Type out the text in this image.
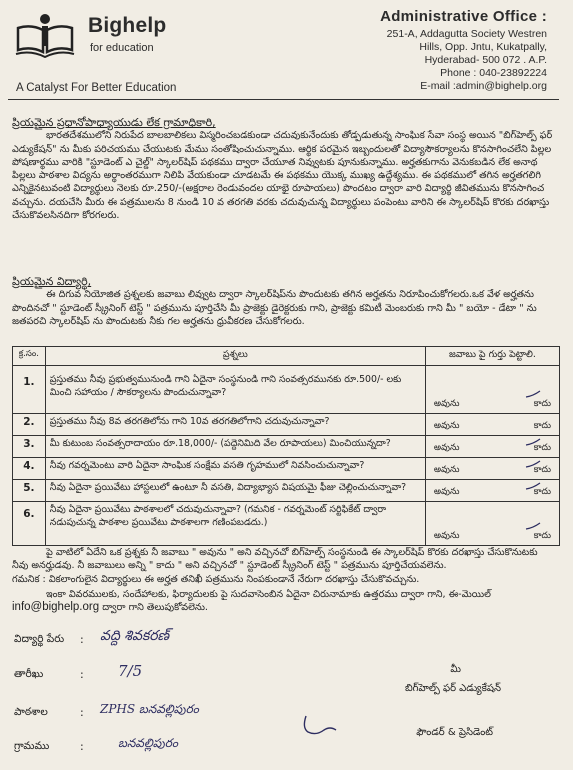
Bighelp
for education
A Catalyst For Better Education
Administrative Office :
251-A, Addagutta Society Westren
Hills, Opp. Jntu, Kukatpally,
Hyderabad- 500 072 . A.P.
Phone : 040-23892224
E-mail :admin@bighelp.org
ప్రియమైన ప్రధానోపాధ్యాయుడు లేక గ్రామాధికారి,
భారతదేశములోని నిరుపేద బాలబాలికలు విస్మరించబడకుండా చదువుకునేందుకు తోడ్పడుతున్న సాంఘిక సేవా సంస్థ అయిన "బిగ్‌హెల్ప్ ఫర్ ఎడ్యుకేషన్" ను మీకు పరిచయము చేయుటకు మేము సంతోషించుచున్నాము. ఆర్థిక పరమైన ఇబ్బందులతో విద్యాసౌకర్యాలను కొనసాగించలేని పిల్లల పోషణార్థము వారికి "స్టూడెంట్ ఎ చైల్డ్" స్కాలర్‌షిప్ పథకము ద్వారా చేయూత నివ్వుటకు పూనుకున్నాము. అర్హతకుగాను వెనుకబడిన లేక అనాథ పిల్లలు పాఠశాల విద్యను అర్థాంతరముగా నిలిపి వేయకుండా చూడటమే ఈ పథకము యొక్క ముఖ్య ఉద్దేశ్యము. ఈ పథకములో తగిన అర్హతగలిగి ఎన్నికైనటువంటి విద్యార్థులు నెలకు రూ.250/-(అక్షరాల రెండువందల యాభై రూపాయలు) పొందటం ద్వారా వారి విద్యార్థి జీవితమును కొనసాగించ వచ్చును. దయచేసి మీరు ఈ పత్రములను 8 నుండి 10 వ తరగతి వరకు చదువుచున్న విద్యార్థులు పంపెంటు వారిని ఈ స్కాలర్‌షిప్ కొరకు దరఖాస్తు చేసుకొవలసినదిగా కోరగలరు.
ప్రియమైన విద్యార్థి,
ఈ దిగువ నియోజిత ప్రశ్నలకు జవాబు లివ్వుట ద్వారా స్కాలర్‌షిప్‌ను పొందుటకు తగిన అర్హతను నిరూపించుకోగలరు.ఒక వేళ అర్హతను పొందినచో " స్టూడెంట్ స్క్రీనింగ్ టెస్ట్ " పత్రమును పూర్తిచేసి మీ ప్రాజెక్టు డైరెక్టరుకు గాని, ప్రాజెక్టు కమిటీ మెంబరుకు గాని మీ " బయో - డేటా " ను జతపరచి స్కాలర్‌షిప్ ను పొందుటకు నీకు గల అర్హతను ధ్రువీకరణ చేసుకోగలరు.
క్ర.సం.	ప్రశ్నలు	జవాబు పై గుర్తు పెట్టాలి.
1.	ప్రస్తుతము నీవు ప్రభుత్వమునుండి గాని ఏదైనా సంస్థనుండి గాని సంవత్సరమునకు రూ.500/- లకు మించి సహాయం / సౌకర్యాలను పొందుచున్నావా?	అవును కాదు

2.	ప్రస్తుతము నీవు 8వ తరగతిలోను గాని 10వ తరగతిలోగాని చదువుచున్నావా?	అవును కాదు

3.	మీ కుటుంబ సంవత్సరాదాయం రూ.18,000/- (పద్దెనిమిది వేల రూపాయలు) మించియున్నదా?	అవును కాదు

4.	నీవు గవర్నమెంటు వారి ఏదైనా సాంఘిక సంక్షేమ వసతి గృహములో నివసించుచున్నావా?	అవును కాదు

5.	నీవు ఏదైనా ప్రయివేటు హాస్టలులో ఉంటూ నీ వసతి, విద్యాభ్యాస విషయమై ఫీజు చెల్లించుచున్నావా?	అవును కాదు

6.	నీవు ఏదైనా ప్రయివేటు పాఠశాలలో చదువుచున్నావా? (గమనిక - గవర్నమెంట్ సర్టిఫికేట్ ద్వారా నడుపుచున్న పాఠశాల ప్రయివేటు పాఠశాలగా గణింపబడదు.)	అవును కాదు
పై వాటిలో ఏదేని ఒక ప్రశ్నకు నీ జవాబు " అవును " అని వచ్చినచో బిగ్‌హెల్ప్ సంస్థనుండి ఈ స్కాలర్‌షిప్ కొరకు దరఖాస్తు చేసుకొనుటకు నీవు అనర్హుడవు. నీ జవాబులు అన్ని " కాదు " అని వచ్చినచో " స్టూడెంట్ స్క్రీనింగ్ టెస్ట్ " పత్రమును పూర్తిచేయవలెను.
గమనిక : వికలాంగులైన విద్యార్థులు ఈ అర్హత తనిఖీ పత్రమును నింపకుండానే నేరుగా దరఖాస్తు చేసుకొవచ్చును.
ఇంకా వివరములకు, సందేహాలకు, ఫిర్యాదులకు పై సుదవాసెంబిన ఏదైనా చిరునామాకు ఉత్తరము ద్వారా గాని, ఈ-మెయిల్
info@bighelp.org ద్వారా గాని తెలుపుకోవలెను.
విద్యార్థి పేరు : వద్ది శివకరణ్
తారీఖు	: 7/5
పాఠశాల	: ZPHS బనవల్లిపురం
గ్రామము	:	బనవల్లిపురం
మీ
బిగ్‌హెల్ప్ ఫర్ ఎడ్యుకేషన్
ఫౌండర్ & ప్రెసిడెంట్
